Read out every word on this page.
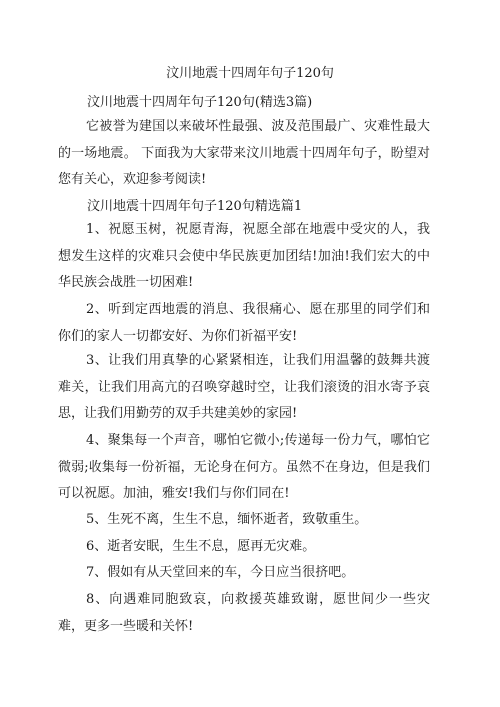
汶川地震十四周年句子120句
汶川地震十四周年句子120句(精选3篇)
它被誉为建国以来破坏性最强、波及范围最广、灾难性最大的一场地震。 下面我为大家带来汶川地震十四周年句子，盼望对您有关心，欢迎参考阅读!
汶川地震十四周年句子120句精选篇1
1、祝愿玉树，祝愿青海，祝愿全部在地震中受灾的人，我想发生这样的灾难只会使中华民族更加团结!加油!我们宏大的中华民族会战胜一切困难!
2、听到定西地震的消息、我很痛心、愿在那里的同学们和你们的家人一切都安好、为你们祈福平安!
3、让我们用真挚的心紧紧相连，让我们用温馨的鼓舞共渡难关，让我们用高亢的召唤穿越时空，让我们滚烫的泪水寄予哀思，让我们用勤劳的双手共建美妙的家园!
4、聚集每一个声音，哪怕它微小;传递每一份力气，哪怕它微弱;收集每一份祈福，无论身在何方。虽然不在身边，但是我们可以祝愿。加油，雅安!我们与你们同在!
5、生死不离，生生不息，缅怀逝者，致敬重生。
6、逝者安眠，生生不息，愿再无灾难。
7、假如有从天堂回来的车，今日应当很挤吧。
8、向遇难同胞致哀，向救援英雄致谢，愿世间少一些灾难，更多一些暖和关怀!
